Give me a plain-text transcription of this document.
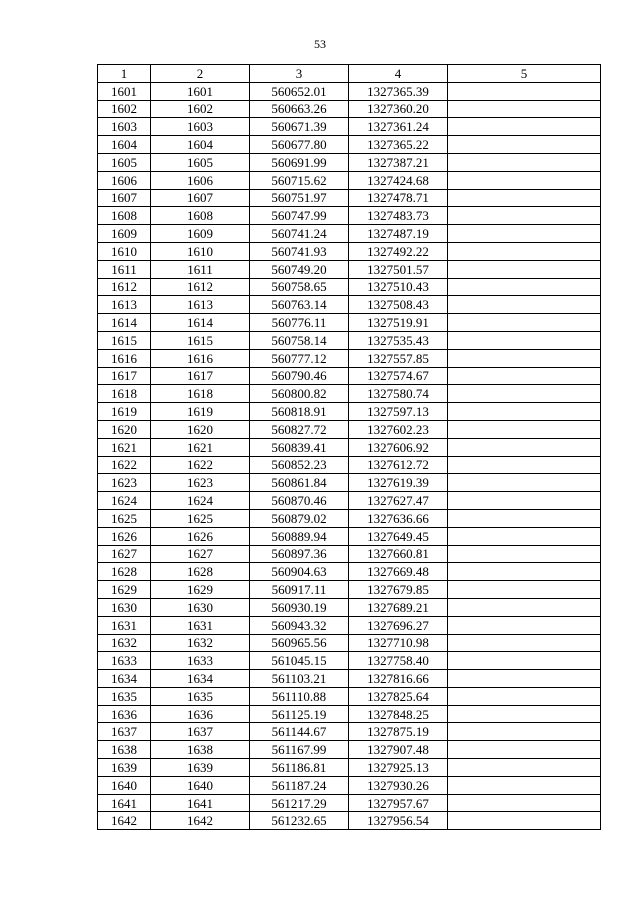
53
1	2	3	4	5
1601	1601	560652.01	1327365.39	
1602	1602	560663.26	1327360.20	
1603	1603	560671.39	1327361.24	
1604	1604	560677.80	1327365.22	
1605	1605	560691.99	1327387.21	
1606	1606	560715.62	1327424.68	
1607	1607	560751.97	1327478.71	
1608	1608	560747.99	1327483.73	
1609	1609	560741.24	1327487.19	
1610	1610	560741.93	1327492.22	
1611	1611	560749.20	1327501.57	
1612	1612	560758.65	1327510.43	
1613	1613	560763.14	1327508.43	
1614	1614	560776.11	1327519.91	
1615	1615	560758.14	1327535.43	
1616	1616	560777.12	1327557.85	
1617	1617	560790.46	1327574.67	
1618	1618	560800.82	1327580.74	
1619	1619	560818.91	1327597.13	
1620	1620	560827.72	1327602.23	
1621	1621	560839.41	1327606.92	
1622	1622	560852.23	1327612.72	
1623	1623	560861.84	1327619.39	
1624	1624	560870.46	1327627.47	
1625	1625	560879.02	1327636.66	
1626	1626	560889.94	1327649.45	
1627	1627	560897.36	1327660.81	
1628	1628	560904.63	1327669.48	
1629	1629	560917.11	1327679.85	
1630	1630	560930.19	1327689.21	
1631	1631	560943.32	1327696.27	
1632	1632	560965.56	1327710.98	
1633	1633	561045.15	1327758.40	
1634	1634	561103.21	1327816.66	
1635	1635	561110.88	1327825.64	
1636	1636	561125.19	1327848.25	
1637	1637	561144.67	1327875.19	
1638	1638	561167.99	1327907.48	
1639	1639	561186.81	1327925.13	
1640	1640	561187.24	1327930.26	
1641	1641	561217.29	1327957.67	
1642	1642	561232.65	1327956.54	
